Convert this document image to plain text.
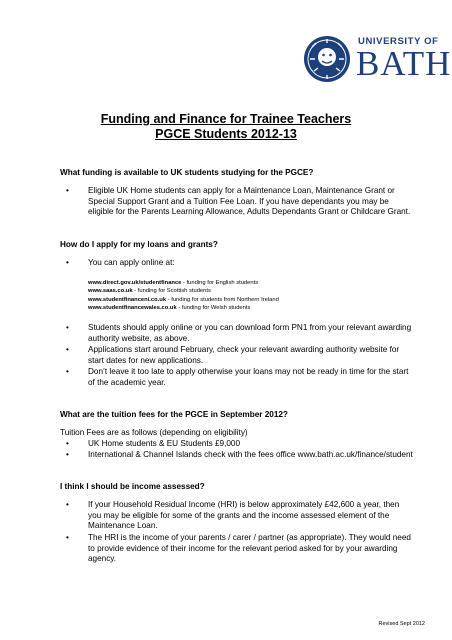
UNIVERSITY OF
BATH
Funding and Finance for Trainee Teachers
PGCE Students 2012-13
What funding is available to UK students studying for the PGCE?
• Eligible UK Home students can apply for a Maintenance Loan, Maintenance Grant or
Special Support Grant and a Tuition Fee Loan. If you have dependants you may be
eligible for the Parents Learning Allowance, Adults Dependants Grant or Childcare Grant.
How do I apply for my loans and grants?
• You can apply online at:
www.direct.gov.uk/studentfinance - funding for English students
www.saas.co.uk - funding for Scottish students
www.studentfinanceni.co.uk - funding for students from Northern Ireland
www.studentfinancewales.co.uk - funding for Welsh students
• Students should apply online or you can download form PN1 from your relevant awarding
authority website, as above.
• Applications start around February, check your relevant awarding authority website for
start dates for new applications.
• Don’t leave it too late to apply otherwise your loans may not be ready in time for the start
of the academic year.
What are the tuition fees for the PGCE in September 2012?
Tuition Fees are as follows (depending on eligibility)
• UK Home students & EU Students £9,000
• International & Channel Islands check with the fees office www.bath.ac.uk/finance/student
I think I should be income assessed?
• If your Household Residual Income (HRI) is below approximately £42,600 a year, then
you may be eligible for some of the grants and the income assessed element of the
Maintenance Loan.
• The HRI is the income of your parents / carer / partner (as appropriate). They would need
to provide evidence of their income for the relevant period asked for by your awarding
agency.
Revised Sept 2012
